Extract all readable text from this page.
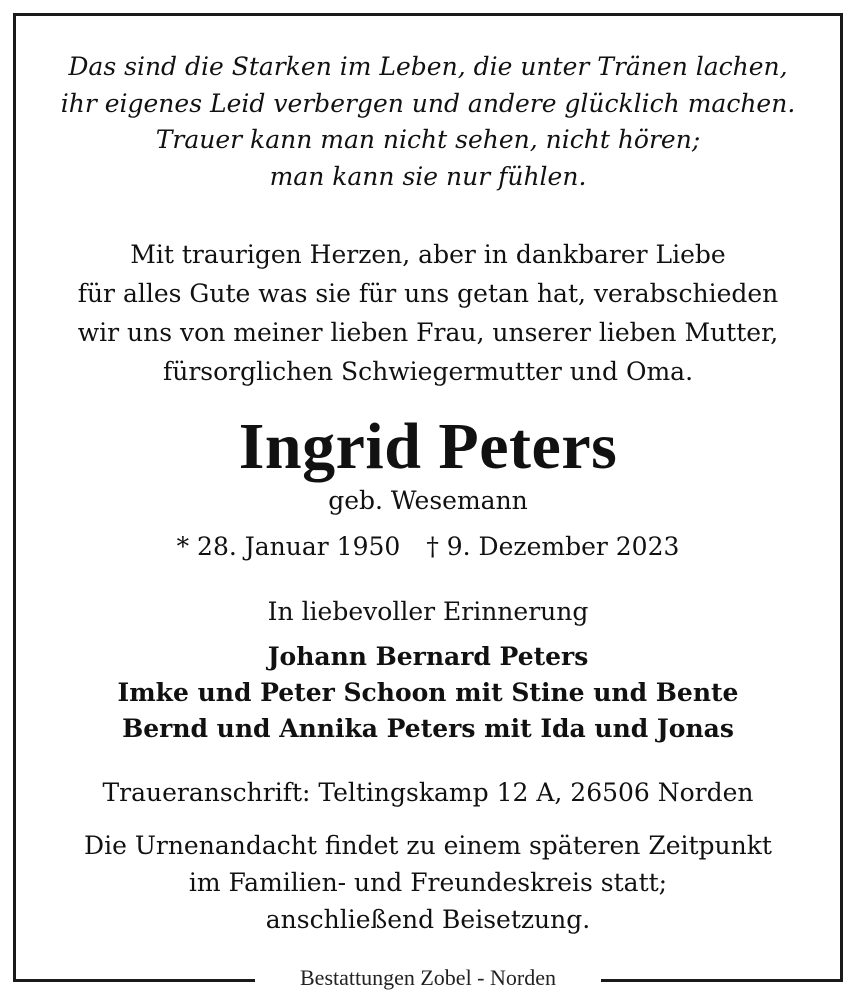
Das sind die Starken im Leben, die unter Tränen lachen,
ihr eigenes Leid verbergen und andere glücklich machen.
Trauer kann man nicht sehen, nicht hören;
man kann sie nur fühlen.
Mit traurigen Herzen, aber in dankbarer Liebe
für alles Gute was sie für uns getan hat, verabschieden
wir uns von meiner lieben Frau, unserer lieben Mutter,
fürsorglichen Schwiegermutter und Oma.
Ingrid Peters
geb. Wesemann
* 28. Januar 1950 † 9. Dezember 2023
In liebevoller Erinnerung
Johann Bernard Peters
Imke und Peter Schoon mit Stine und Bente
Bernd und Annika Peters mit Ida und Jonas
Traueranschrift: Teltingskamp 12 A, 26506 Norden
Die Urnenandacht findet zu einem späteren Zeitpunkt
im Familien- und Freundeskreis statt;
anschließend Beisetzung.
Bestattungen Zobel - Norden
